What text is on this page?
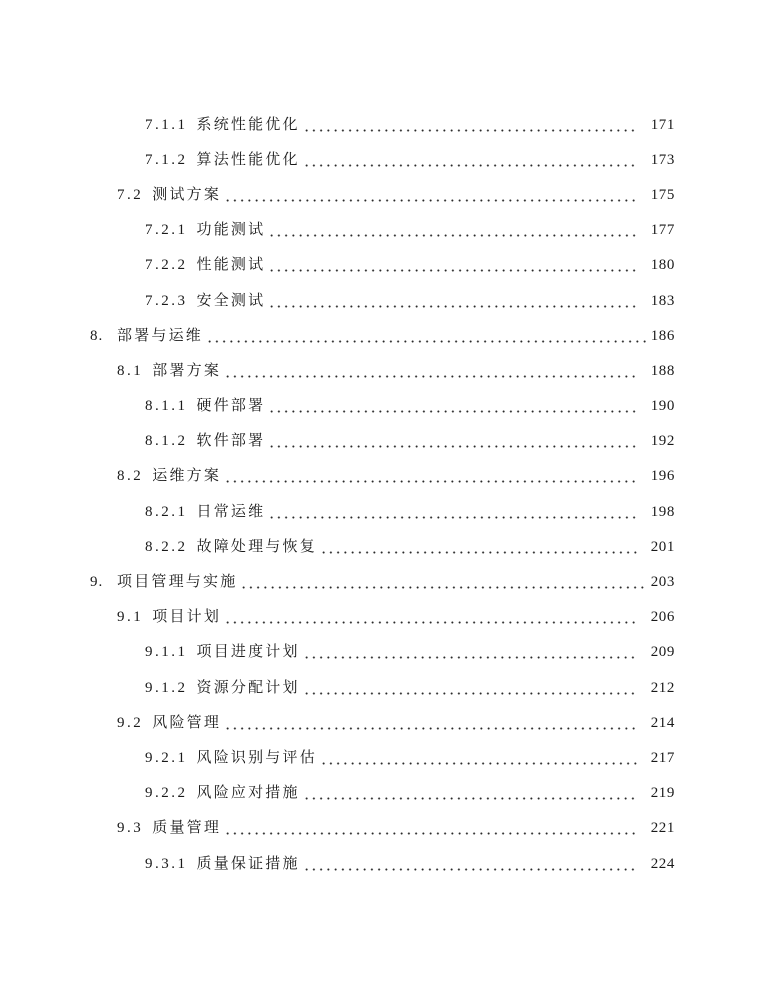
7.1.1 系统性能优化	171
7.1.2 算法性能优化	173
7.2 测试方案	175
7.2.1 功能测试	177
7.2.2 性能测试	180
7.2.3 安全测试	183
8. 部署与运维	186
8.1 部署方案	188
8.1.1 硬件部署	190
8.1.2 软件部署	192
8.2 运维方案	196
8.2.1 日常运维	198
8.2.2 故障处理与恢复	201
9. 项目管理与实施	203
9.1 项目计划	206
9.1.1 项目进度计划	209
9.1.2 资源分配计划	212
9.2 风险管理	214
9.2.1 风险识别与评估	217
9.2.2 风险应对措施	219
9.3 质量管理	221
9.3.1 质量保证措施	224
